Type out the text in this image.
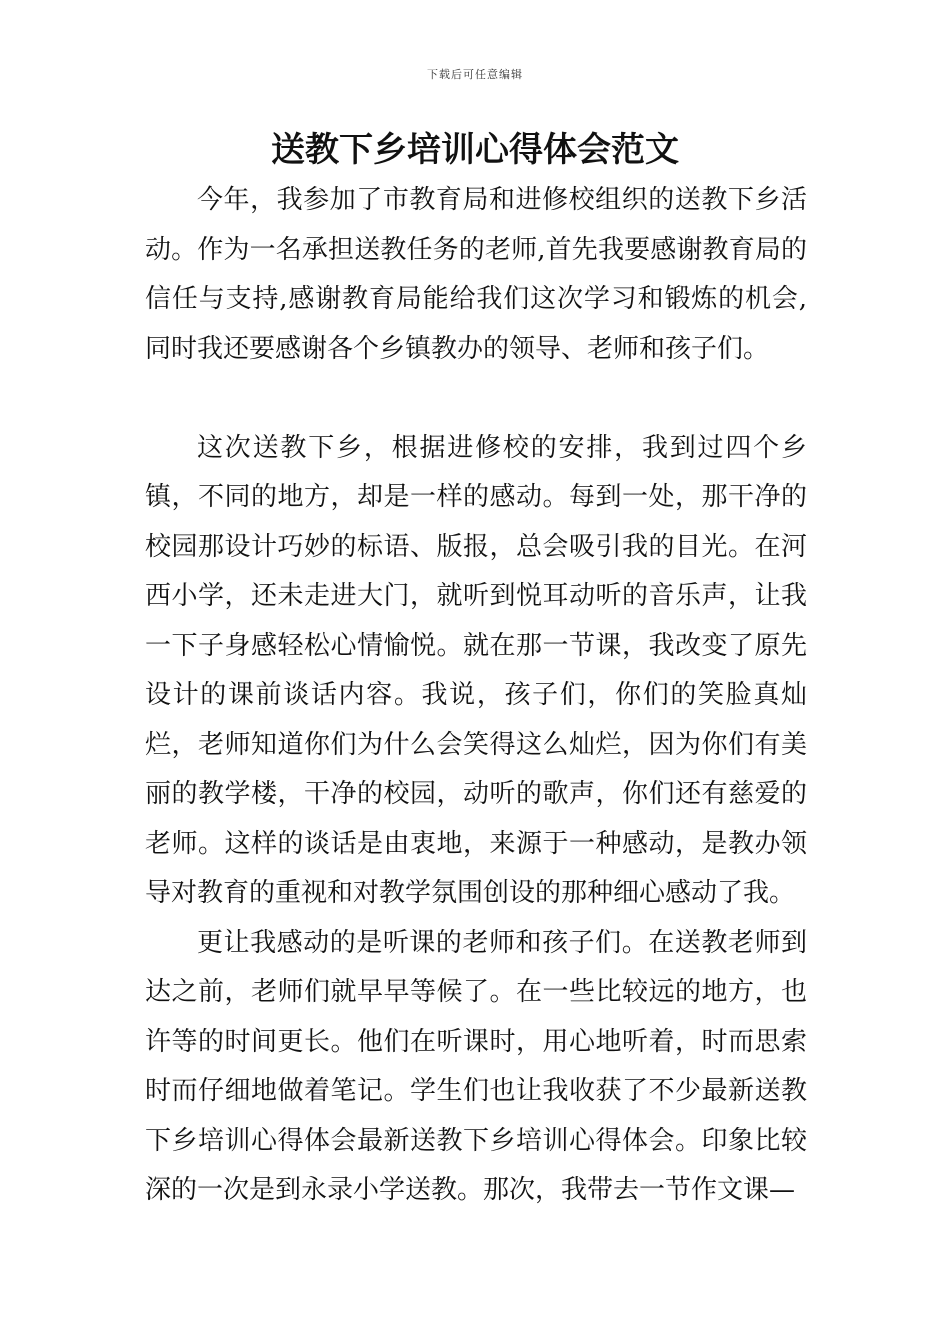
下载后可任意编辑
送教下乡培训心得体会范文

今年，我参加了市教育局和进修校组织的送教下乡活动。作为一名承担送教任务的老师,首先我要感谢教育局的信任与支持,感谢教育局能给我们这次学习和锻炼的机会,同时我还要感谢各个乡镇教办的领导、老师和孩子们。

这次送教下乡，根据进修校的安排，我到过四个乡镇，不同的地方，却是一样的感动。每到一处，那干净的校园那设计巧妙的标语、版报，总会吸引我的目光。在河西小学，还未走进大门，就听到悦耳动听的音乐声，让我一下子身感轻松心情愉悦。就在那一节课，我改变了原先设计的课前谈话内容。我说，孩子们，你们的笑脸真灿烂，老师知道你们为什么会笑得这么灿烂，因为你们有美丽的教学楼，干净的校园，动听的歌声，你们还有慈爱的老师。这样的谈话是由衷地，来源于一种感动，是教办领导对教育的重视和对教学氛围创设的那种细心感动了我。

更让我感动的是听课的老师和孩子们。在送教老师到达之前，老师们就早早等候了。在一些比较远的地方，也许等的时间更长。他们在听课时，用心地听着，时而思索时而仔细地做着笔记。学生们也让我收获了不少最新送教下乡培训心得体会最新送教下乡培训心得体会。印象比较深的一次是到永录小学送教。那次，我带去一节作文课—
